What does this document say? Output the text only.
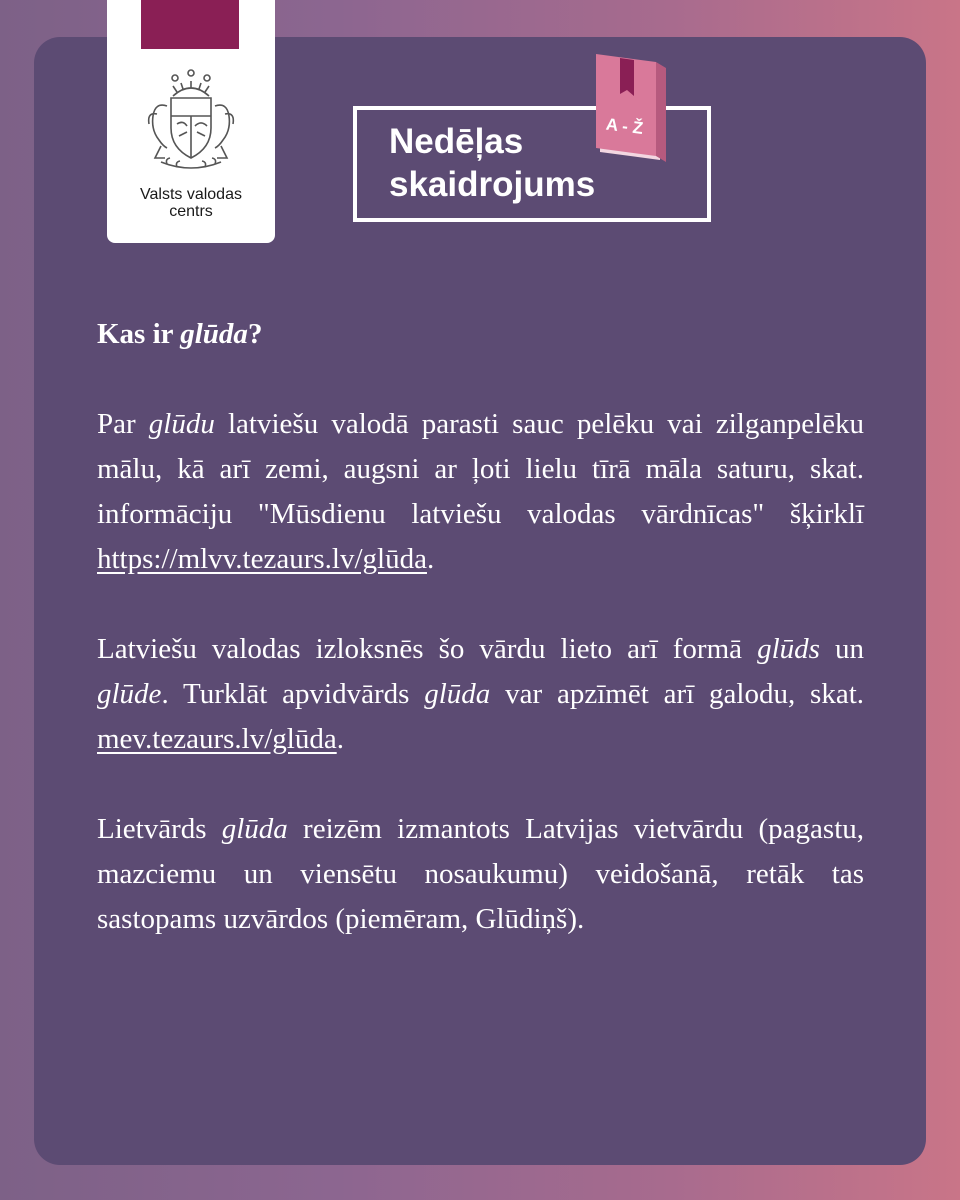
Valsts valodas
centrs
Nedēļas
skaidrojums
A - Ž

Kas ir glūda?

Par glūdu latviešu valodā parasti sauc pelēku vai zilganpelēku mālu, kā arī zemi, augsni ar ļoti lielu tīrā māla saturu, skat. informāciju "Mūsdienu latviešu valodas vārdnīcas" šķirklī https://mlvv.tezaurs.lv/glūda.

Latviešu valodas izloksnēs šo vārdu lieto arī formā glūds un glūde. Turklāt apvidvārds glūda var apzīmēt arī galodu, skat. mev.tezaurs.lv/glūda.

Lietvārds glūda reizēm izmantots Latvijas vietvārdu (pagastu, mazciemu un viensētu nosaukumu) veidošanā, retāk tas sastopams uzvārdos (piemēram, Glūdiņš).
